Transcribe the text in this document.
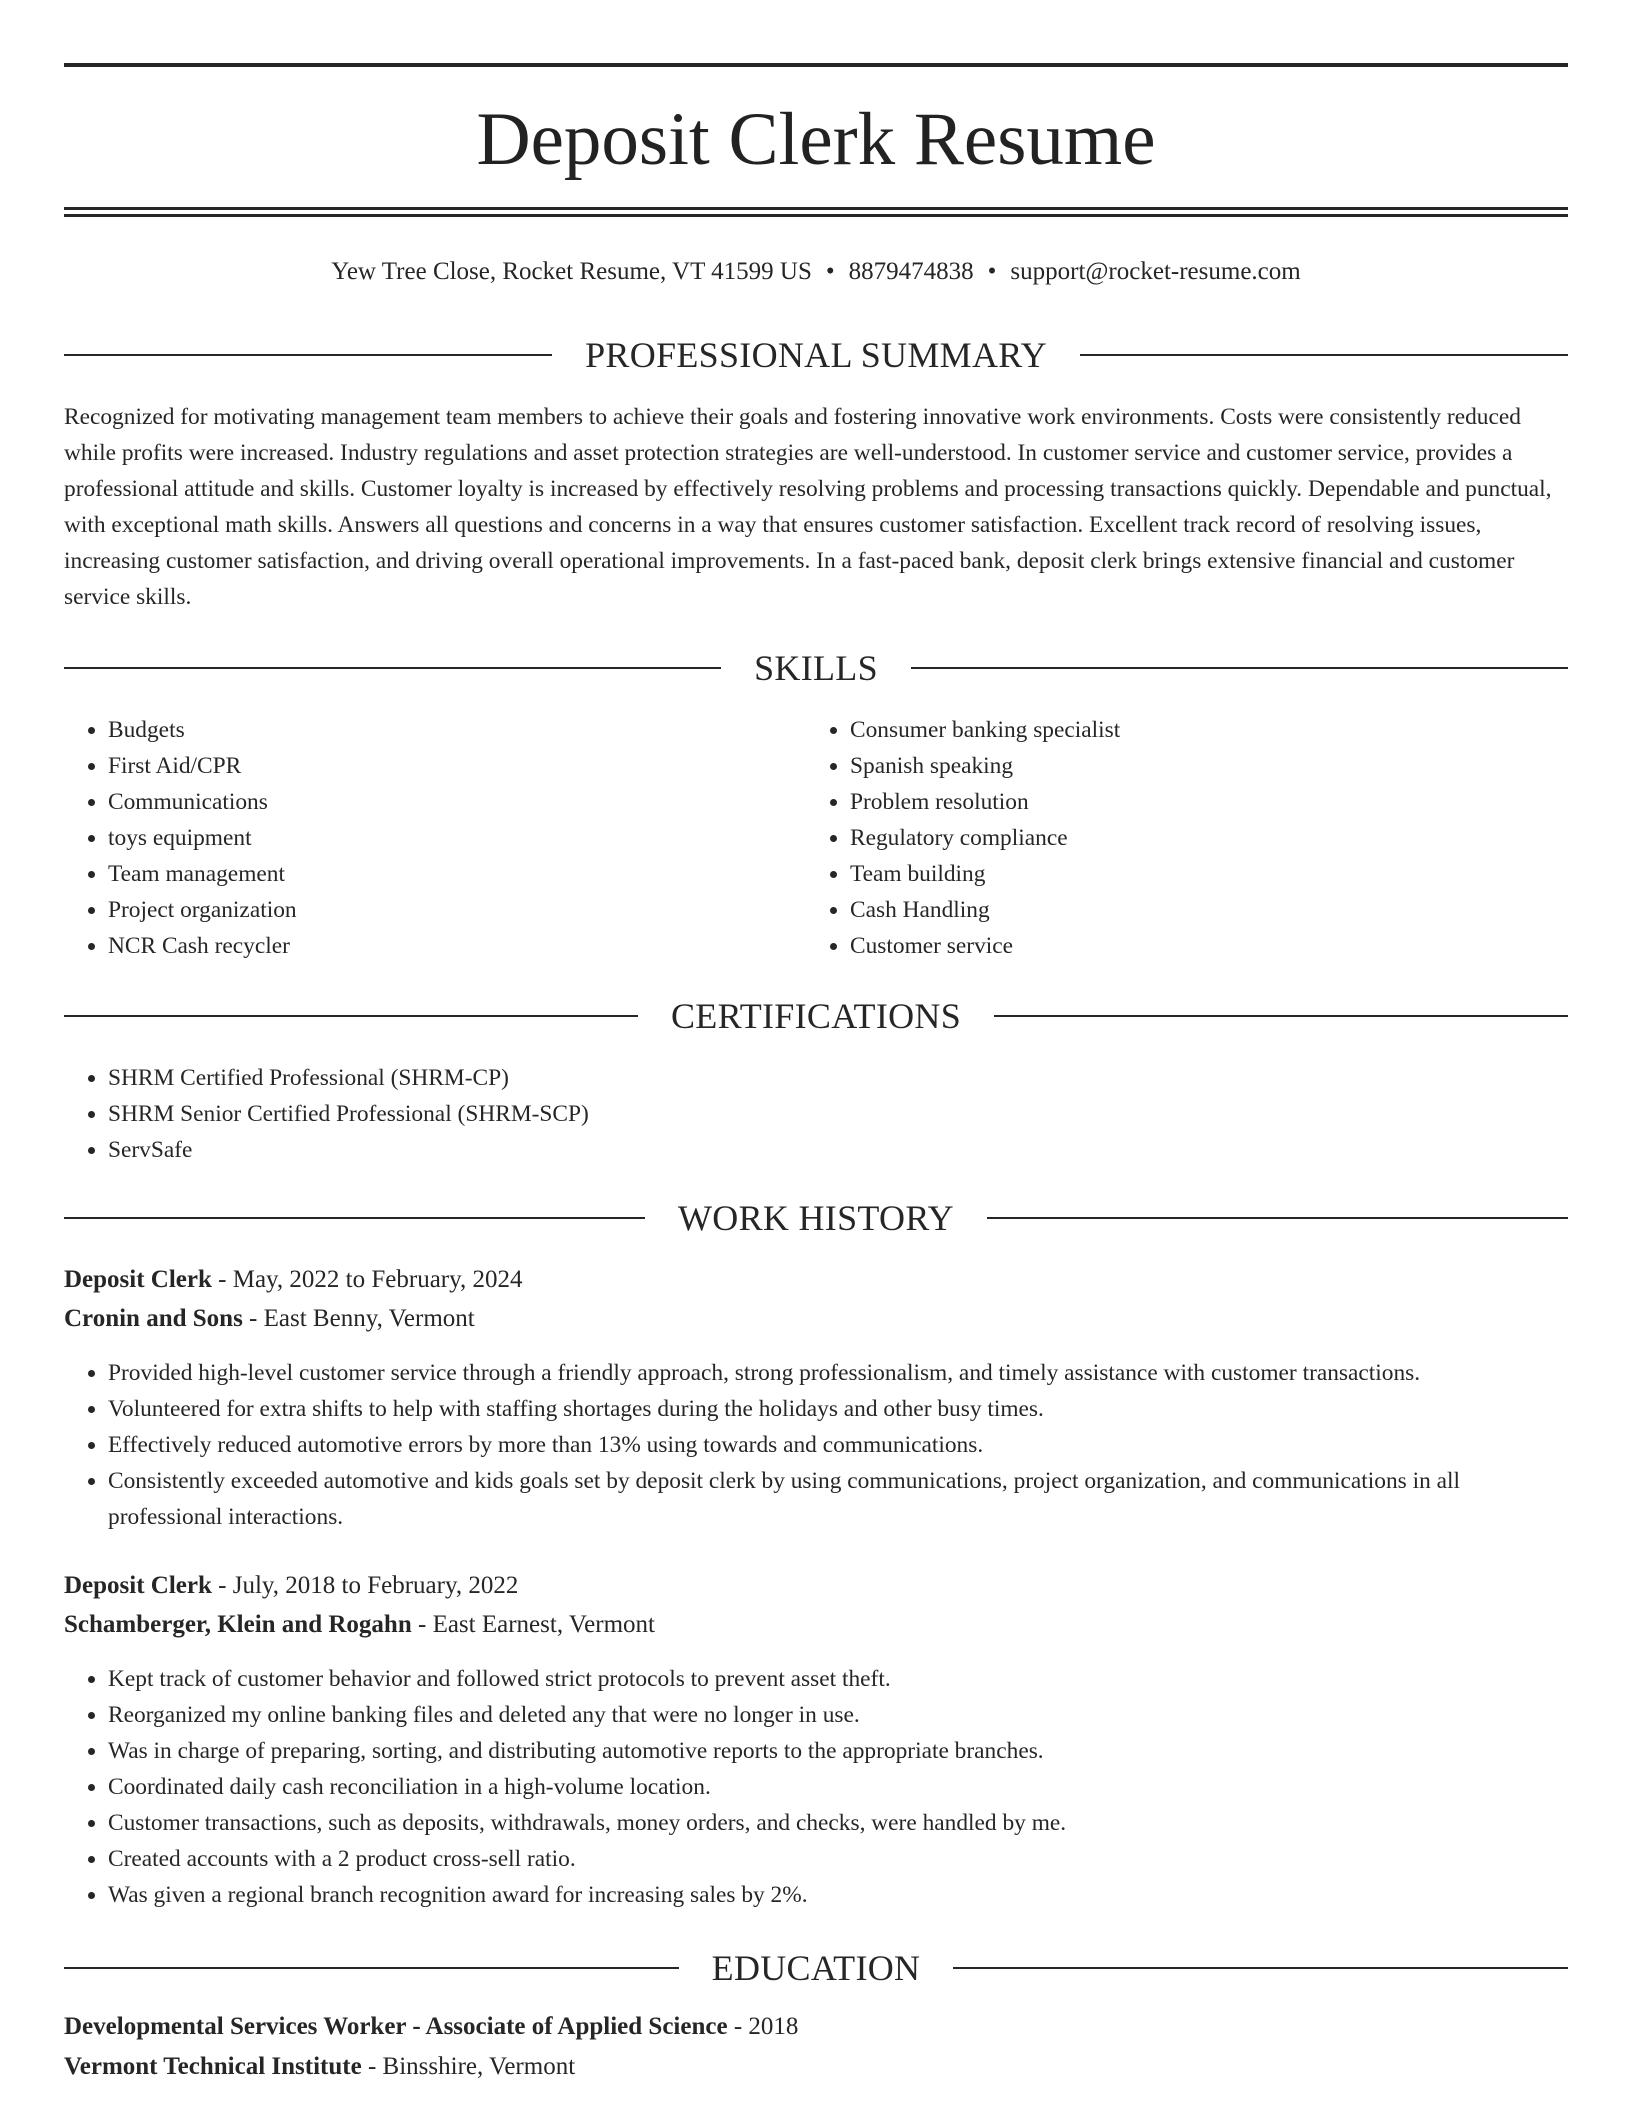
Deposit Clerk Resume
Yew Tree Close, Rocket Resume, VT 41599 US • 8879474838 • support@rocket-resume.com
PROFESSIONAL SUMMARY

Recognized for motivating management team members to achieve their goals and fostering innovative work environments. Costs were consistently reduced while profits were increased. Industry regulations and asset protection strategies are well-understood. In customer service and customer service, provides a professional attitude and skills. Customer loyalty is increased by effectively resolving problems and processing transactions quickly. Dependable and punctual, with exceptional math skills. Answers all questions and concerns in a way that ensures customer satisfaction. Excellent track record of resolving issues, increasing customer satisfaction, and driving overall operational improvements. In a fast-paced bank, deposit clerk brings extensive financial and customer service skills.

SKILLS
• Budgets
• First Aid/CPR
• Communications
• toys equipment
• Team management
• Project organization
• NCR Cash recycler
• Consumer banking specialist
• Spanish speaking
• Problem resolution
• Regulatory compliance
• Team building
• Cash Handling
• Customer service
CERTIFICATIONS
• SHRM Certified Professional (SHRM-CP)
• SHRM Senior Certified Professional (SHRM-SCP)
• ServSafe
WORK HISTORY
Deposit Clerk - May, 2022 to February, 2024
Cronin and Sons - East Benny, Vermont
• Provided high-level customer service through a friendly approach, strong professionalism, and timely assistance with customer transactions.
• Volunteered for extra shifts to help with staffing shortages during the holidays and other busy times.
• Effectively reduced automotive errors by more than 13% using towards and communications.
• Consistently exceeded automotive and kids goals set by deposit clerk by using communications, project organization, and communications in all professional interactions.
Deposit Clerk - July, 2018 to February, 2022
Schamberger, Klein and Rogahn - East Earnest, Vermont
• Kept track of customer behavior and followed strict protocols to prevent asset theft.
• Reorganized my online banking files and deleted any that were no longer in use.
• Was in charge of preparing, sorting, and distributing automotive reports to the appropriate branches.
• Coordinated daily cash reconciliation in a high-volume location.
• Customer transactions, such as deposits, withdrawals, money orders, and checks, were handled by me.
• Created accounts with a 2 product cross-sell ratio.
• Was given a regional branch recognition award for increasing sales by 2%.
EDUCATION
Developmental Services Worker - Associate of Applied Science - 2018
Vermont Technical Institute - Binsshire, Vermont
